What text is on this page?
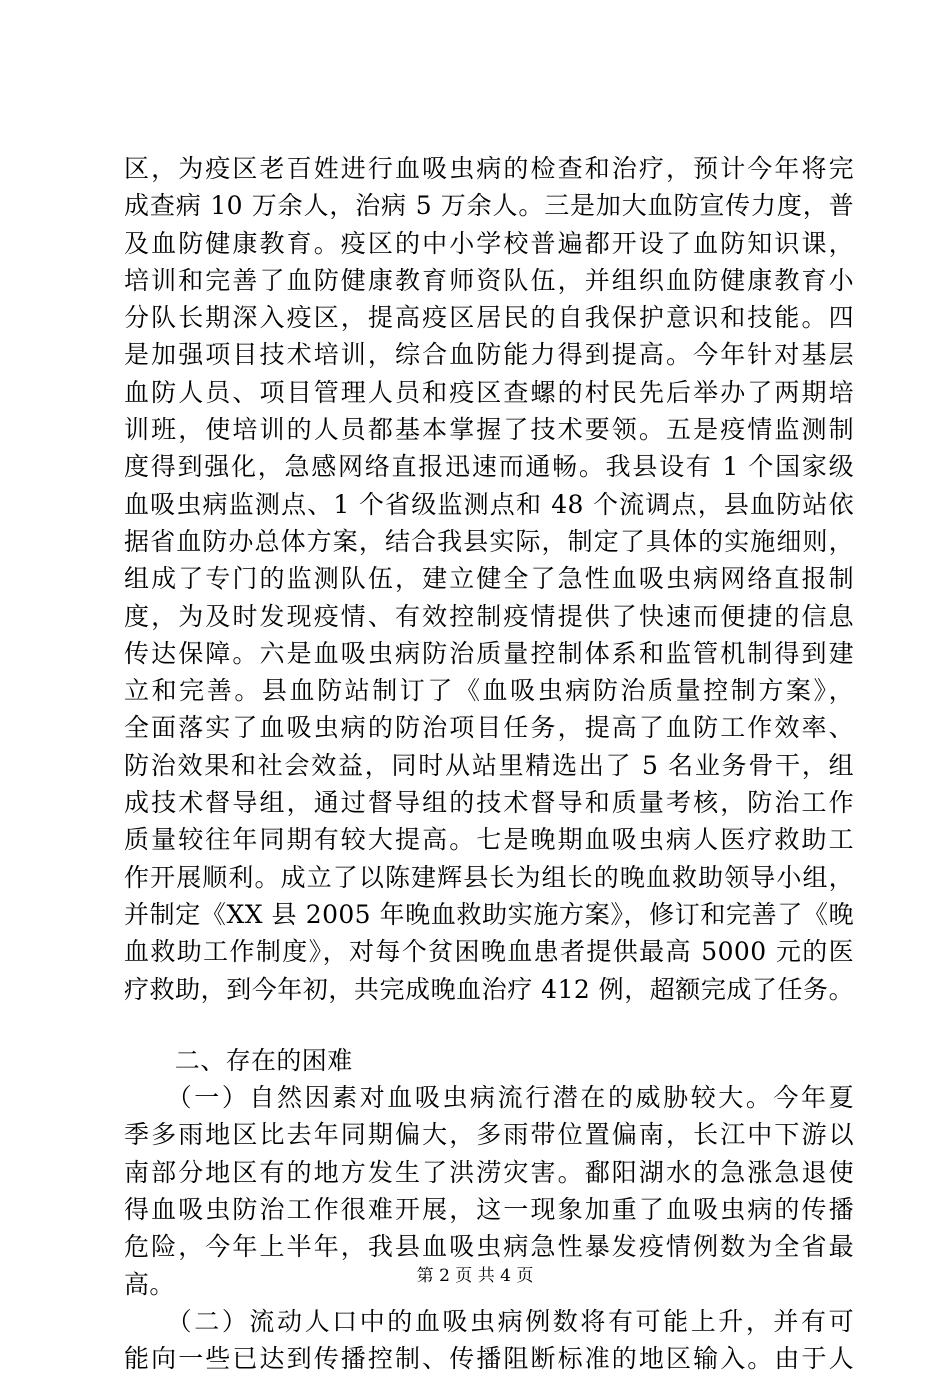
区，为疫区老百姓进行血吸虫病的检查和治疗，预计今年将完
成查病 10 万余人，治病 5 万余人。三是加大血防宣传力度，普
及血防健康教育。疫区的中小学校普遍都开设了血防知识课，
培训和完善了血防健康教育师资队伍，并组织血防健康教育小
分队长期深入疫区，提高疫区居民的自我保护意识和技能。四
是加强项目技术培训，综合血防能力得到提高。今年针对基层
血防人员、项目管理人员和疫区查螺的村民先后举办了两期培
训班，使培训的人员都基本掌握了技术要领。五是疫情监测制
度得到强化，急感网络直报迅速而通畅。我县设有 1 个国家级
血吸虫病监测点、1 个省级监测点和 48 个流调点，县血防站依
据省血防办总体方案，结合我县实际，制定了具体的实施细则，
组成了专门的监测队伍，建立健全了急性血吸虫病网络直报制
度，为及时发现疫情、有效控制疫情提供了快速而便捷的信息
传达保障。六是血吸虫病防治质量控制体系和监管机制得到建
立和完善。县血防站制订了《血吸虫病防治质量控制方案》，
全面落实了血吸虫病的防治项目任务，提高了血防工作效率、
防治效果和社会效益，同时从站里精选出了 5 名业务骨干，组
成技术督导组，通过督导组的技术督导和质量考核，防治工作
质量较往年同期有较大提高。七是晚期血吸虫病人医疗救助工
作开展顺利。成立了以陈建辉县长为组长的晚血救助领导小组，
并制定《XX 县 2005 年晚血救助实施方案》，修订和完善了《晚
血救助工作制度》，对每个贫困晚血患者提供最高 5000 元的医
疗救助，到今年初，共完成晚血治疗 412 例，超额完成了任务。
　　二、存在的困难
　　（一）自然因素对血吸虫病流行潜在的威胁较大。今年夏
季多雨地区比去年同期偏大，多雨带位置偏南，长江中下游以
南部分地区有的地方发生了洪涝灾害。鄱阳湖水的急涨急退使
得血吸虫防治工作很难开展，这一现象加重了血吸虫病的传播
危险，今年上半年，我县血吸虫病急性暴发疫情例数为全省最
高。
　　（二）流动人口中的血吸虫病例数将有可能上升，并有可
能向一些已达到传播控制、传播阻断标准的地区输入。由于人
第 2 页 共 4 页
